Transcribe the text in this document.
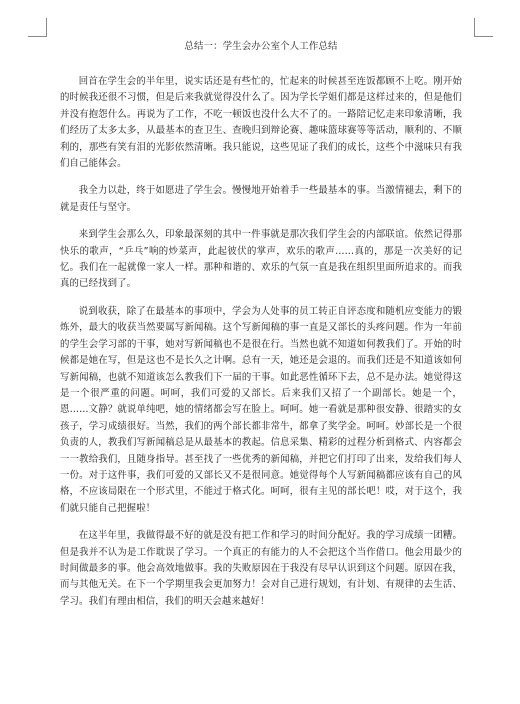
总结一：学生会办公室个人工作总结

回首在学生会的半年里，说实话还是有些忙的，忙起来的时候甚至连饭都顾不上吃。刚开始的时候我还很不习惯，但是后来我就觉得没什么了。因为学长学姐们都是这样过来的，但是他们并没有抱怨什么。再说为了工作，不吃一顿饭也没什么大不了的。一路陪记忆走来印象清晰，我们经历了太多太多，从最基本的查卫生、查晚归到辩论赛、趣味篮球赛等等活动，顺利的、不顺利的，那些有笑有泪的光影依然清晰。我只能说，这些见证了我们的成长，这些个中滋味只有我们自己能体会。

我全力以赴，终于如愿进了学生会。慢慢地开始着手一些最基本的事。当激情褪去，剩下的就是责任与坚守。

来到学生会那么久，印象最深刻的其中一件事就是那次我们学生会的内部联谊。依然记得那快乐的歌声，“乒乓”响的炒菜声，此起彼伏的掌声，欢乐的歌声……真的，那是一次美好的记忆。我们在一起就像一家人一样。那种和谐的、欢乐的气氛一直是我在组织里面所追求的。而我真的已经找到了。

说到收获，除了在最基本的事项中，学会为人处事的员工转正自评态度和随机应变能力的锻炼外，最大的收获当然要属写新闻稿。这个写新闻稿的事一直是又部长的头疼问题。作为一年前的学生会学习部的干事，她对写新闻稿也不是很在行。当然也就不知道如何教我们了。开始的时候都是她在写，但是这也不是长久之计啊。总有一天，她还是会退的。而我们还是不知道该如何写新闻稿，也就不知道该怎么教我们下一届的干事。如此恶性循环下去，总不是办法。她觉得这是一个很严重的问题。呵呵，我们可爱的又部长。后来我们又招了一个副部长。她是一个，恩……文静？就说单纯吧，她的情绪都会写在脸上。呵呵。她一看就是那种很安静、很踏实的女孩子，学习成绩很好。当然，我们的两个部长都非常牛，都拿了奖学金。呵呵。妙部长是一个很负责的人，教我们写新闻稿总是从最基本的教起。信息采集、精彩的过程分析到格式、内容都会一一教给我们，且随身指导。甚至找了一些优秀的新闻稿，并把它们打印了出来，发给我们每人一份。对于这件事，我们可爱的又部长又不是很同意。她觉得每个人写新闻稿都应该有自己的风格，不应该局限在一个形式里，不能过于格式化。呵呵，很有主见的部长吧！哎，对于这个，我们就只能自己把握啦！

在这半年里，我做得最不好的就是没有把工作和学习的时间分配好。我的学习成绩一团糟。但是我并不认为是工作耽误了学习。一个真正的有能力的人不会把这个当作借口。他会用最少的时间做最多的事。他会高效地做事。我的失败原因在于我没有尽早认识到这个问题。原因在我，而与其他无关。在下一个学期里我会更加努力！会对自己进行规划，有计划、有规律的去生活、学习。我们有理由相信，我们的明天会越来越好！
